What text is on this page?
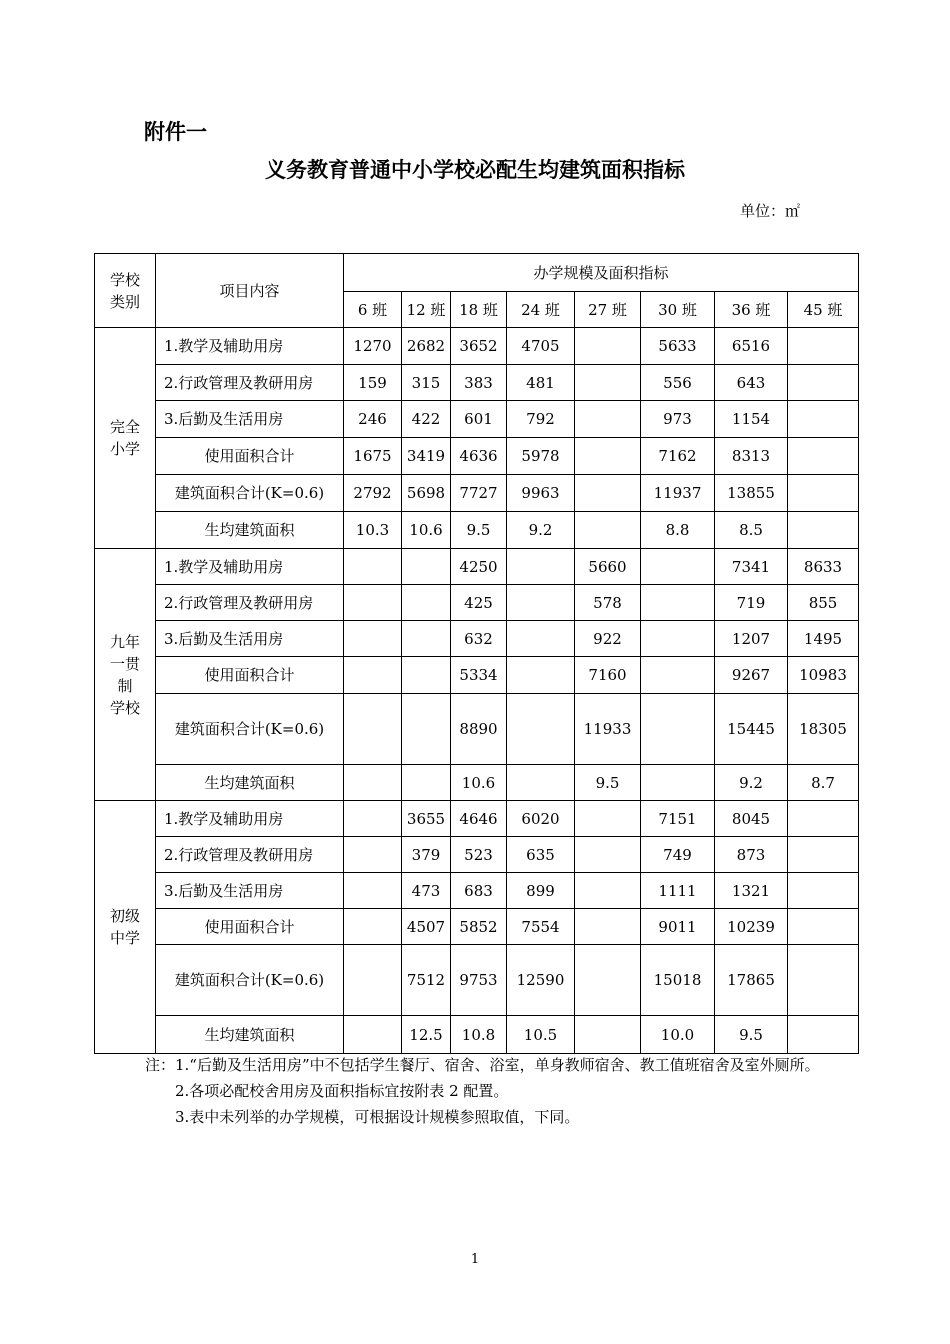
附件一
义务教育普通中小学校必配生均建筑面积指标
单位：㎡
学校
类别	项目内容	办学规模及面积指标							
		6 班	12 班	18 班	24 班	27 班	30 班	36 班	45 班
完全
小学	1.教学及辅助用房	1270	2682	3652	4705		5633	6516	
	2.行政管理及教研用房	159	315	383	481		556	643	
	3.后勤及生活用房	246	422	601	792		973	1154	
	使用面积合计	1675	3419	4636	5978		7162	8313	
	建筑面积合计(K=0.6)	2792	5698	7727	9963		11937	13855	
	生均建筑面积	10.3	10.6	9.5	9.2		8.8	8.5	
九年
一贯
制
学校	1.教学及辅助用房			4250		5660		7341	8633
	2.行政管理及教研用房			425		578		719	855
	3.后勤及生活用房			632		922		1207	1495
	使用面积合计			5334		7160		9267	10983
	建筑面积合计(K=0.6)			8890		11933		15445	18305
	生均建筑面积			10.6		9.5		9.2	8.7
初级
中学	1.教学及辅助用房		3655	4646	6020		7151	8045	
	2.行政管理及教研用房		379	523	635		749	873	
	3.后勤及生活用房		473	683	899		1111	1321	
	使用面积合计		4507	5852	7554		9011	10239	
	建筑面积合计(K=0.6)		7512	9753	12590		15018	17865	
	生均建筑面积		12.5	10.8	10.5		10.0	9.5	
注：1.“后勤及生活用房”中不包括学生餐厅、宿舍、浴室，单身教师宿舍、教工值班宿舍及室外厕所。
2.各项必配校舍用房及面积指标宜按附表 2 配置。
3.表中未列举的办学规模，可根据设计规模参照取值，下同。
1
